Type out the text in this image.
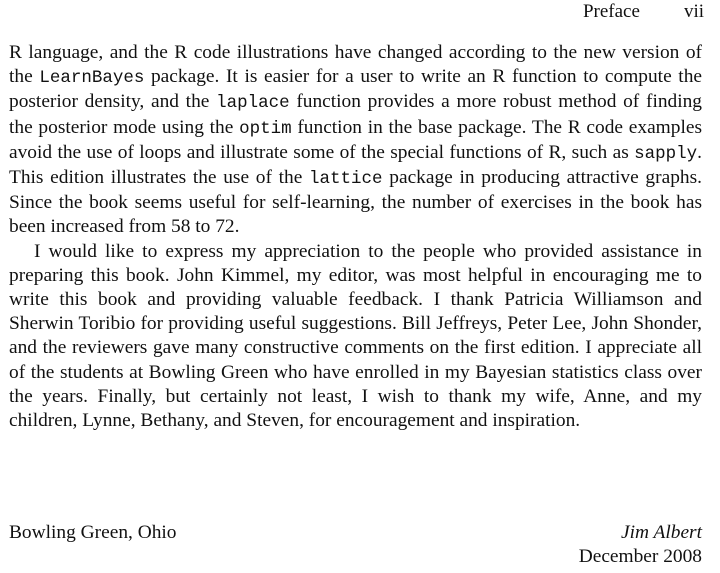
Preface vii

R language, and the R code illustrations have changed according to the new version of the LearnBayes package. It is easier for a user to write an R function to compute the posterior density, and the laplace function provides a more robust method of finding the posterior mode using the optim function in the base package. The R code examples avoid the use of loops and illustrate some of the special functions of R, such as sapply. This edition illustrates the use of the lattice package in producing attractive graphs. Since the book seems useful for self-learning, the number of exercises in the book has been increased from 58 to 72.

I would like to express my appreciation to the people who provided assistance in preparing this book. John Kimmel, my editor, was most helpful in encouraging me to write this book and providing valuable feedback. I thank Patricia Williamson and Sherwin Toribio for providing useful suggestions. Bill Jeffreys, Peter Lee, John Shonder, and the reviewers gave many constructive comments on the first edition. I appreciate all of the students at Bowling Green who have enrolled in my Bayesian statistics class over the years. Finally, but certainly not least, I wish to thank my wife, Anne, and my children, Lynne, Bethany, and Steven, for encouragement and inspiration.

Bowling Green, Ohio	Jim Albert
December 2008
